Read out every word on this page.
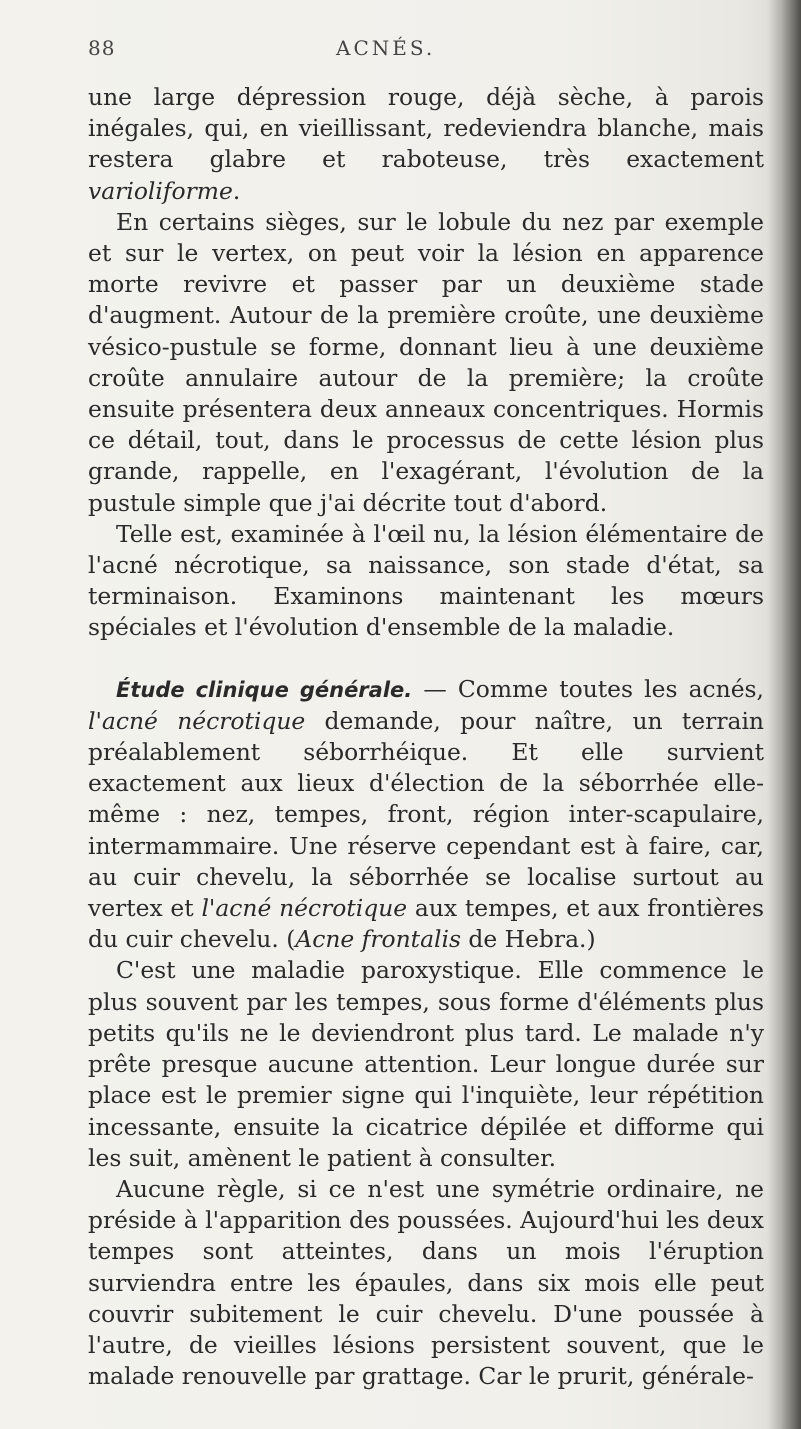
88	ACNÉS.

une large dépression rouge, déjà sèche, à parois inégales, qui, en vieillissant, redeviendra blanche, mais restera glabre et raboteuse, très exactement varioliforme.

En certains sièges, sur le lobule du nez par exemple et sur le vertex, on peut voir la lésion en apparence morte revivre et passer par un deuxième stade d'augment. Autour de la première croûte, une deuxième vésico-pustule se forme, donnant lieu à une deuxième croûte annulaire autour de la première; la croûte ensuite présentera deux anneaux concentriques. Hormis ce détail, tout, dans le processus de cette lésion plus grande, rappelle, en l'exagérant, l'évolution de la pustule simple que j'ai décrite tout d'abord.

Telle est, examinée à l'œil nu, la lésion élémentaire de l'acné nécrotique, sa naissance, son stade d'état, sa terminaison. Examinons maintenant les mœurs spéciales et l'évolution d'ensemble de la maladie.

Étude clinique générale. — Comme toutes les acnés, l'acné nécrotique demande, pour naître, un terrain préalablement séborrhéique. Et elle survient exactement aux lieux d'élection de la séborrhée elle-même : nez, tempes, front, région inter-scapulaire, intermammaire. Une réserve cependant est à faire, car, au cuir chevelu, la séborrhée se localise surtout au vertex et l'acné nécrotique aux tempes, et aux frontières du cuir chevelu. (Acne frontalis de Hebra.)

C'est une maladie paroxystique. Elle commence le plus souvent par les tempes, sous forme d'éléments plus petits qu'ils ne le deviendront plus tard. Le malade n'y prête presque aucune attention. Leur longue durée sur place est le premier signe qui l'inquiète, leur répétition incessante, ensuite la cicatrice dépilée et difforme qui les suit, amènent le patient à consulter.

Aucune règle, si ce n'est une symétrie ordinaire, ne préside à l'apparition des poussées. Aujourd'hui les deux tempes sont atteintes, dans un mois l'éruption surviendra entre les épaules, dans six mois elle peut couvrir subitement le cuir chevelu. D'une poussée à l'autre, de vieilles lésions persistent souvent, que le malade renouvelle par grattage. Car le prurit, générale-
